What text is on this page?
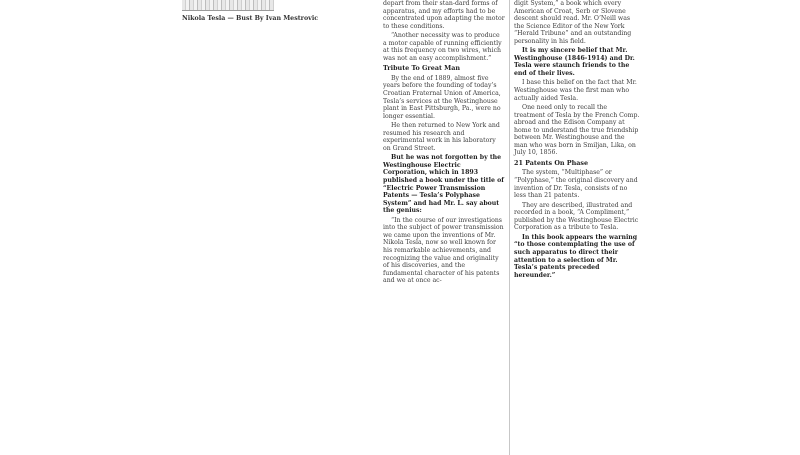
Nikola Tesla — Bust By Ivan Mestrovic

depart from their stan-dard forms of apparatus, and my efforts had to be concentrated upon adapting the motor to these conditions.

“Another necessity was to produce a motor capable of running efficiently at this frequency on two wires, which was not an easy accomplishment.”

Tribute To Great Man

By the end of 1889, almost five years before the founding of today’s Croatian Fraternal Union of America, Tesla’s services at the Westinghouse plant in East Pittsburgh, Pa., were no longer essential.

He then returned to New York and resumed his research and experimental work in his laboratory on Grand Street.

But he was not forgotten by the Westinghouse Electric Corporation, which in 1893 published a book under the title of “Electric Power Transmission Patents — Tesla’s Polyphase System” and had Mr. L. say about the genius:

“In the course of our investigations into the subject of power transmission we came upon the inventions of Mr. Nikola Tesla, now so well known for his remarkable achievements, and recognizing the value and originality of his discoveries, and the fundamental character of his patents and we at once ac-

digit System,” a book which every American of Croat, Serb or Slovene descent should read. Mr. O’Neill was the Science Editor of the New York “Herald Tribune” and an outstanding personality in his field.

It is my sincere belief that Mr. Westinghouse (1846-1914) and Dr. Tesla were staunch friends to the end of their lives.

I base this belief on the fact that Mr. Westinghouse was the first man who actually aided Tesla.

One need only to recall the treatment of Tesla by the French Comp. abroad and the Edison Company at home to understand the true friendship between Mr. Westinghouse and the man who was born in Smiljan, Lika, on July 10, 1856.

21 Patents On Phase

The system, “Multiphase” or “Polyphase,” the original discovery and invention of Dr. Tesla, consists of no less than 21 patents.

They are described, illustrated and recorded in a book, “A Compliment,” published by the Westinghouse Electric Corporation as a tribute to Tesla.

In this book appears the warning “to those contemplating the use of such apparatus to direct their attention to a selection of Mr. Tesla’s patents preceded hereunder.”
